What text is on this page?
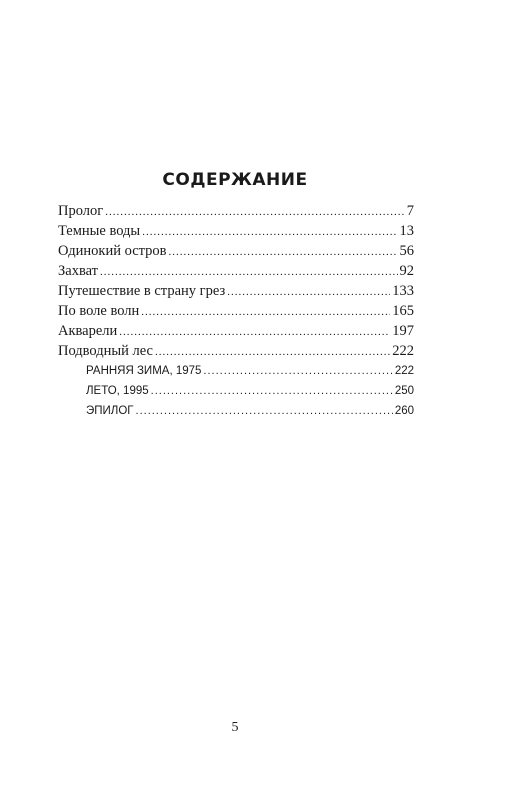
СОДЕРЖАНИЕ
Пролог .....	7
Темные воды .....	13
Одинокий остров .....	56
Захват .....	92
Путешествие в страну грез .....	133
По воле волн .....	165
Акварели .....	197
Подводный лес .....	222
РАННЯЯ ЗИМА, 1975 .....	222
ЛЕТО, 1995 .....	250
ЭПИЛОГ .....	260
5
